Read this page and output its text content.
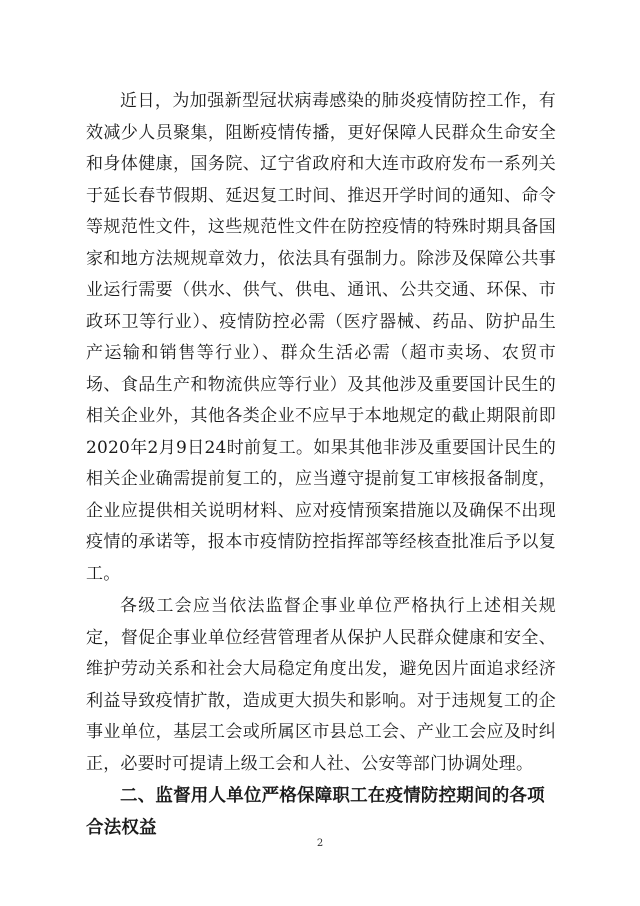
近日，为加强新型冠状病毒感染的肺炎疫情防控工作，有效减少人员聚集，阻断疫情传播，更好保障人民群众生命安全和身体健康，国务院、辽宁省政府和大连市政府发布一系列关于延长春节假期、延迟复工时间、推迟开学时间的通知、命令等规范性文件，这些规范性文件在防控疫情的特殊时期具备国家和地方法规规章效力，依法具有强制力。除涉及保障公共事业运行需要（供水、供气、供电、通讯、公共交通、环保、市政环卫等行业）、疫情防控必需（医疗器械、药品、防护品生产运输和销售等行业）、群众生活必需（超市卖场、农贸市场、食品生产和物流供应等行业）及其他涉及重要国计民生的相关企业外，其他各类企业不应早于本地规定的截止期限前即2020年2月9日24时前复工。如果其他非涉及重要国计民生的相关企业确需提前复工的，应当遵守提前复工审核报备制度，企业应提供相关说明材料、应对疫情预案措施以及确保不出现疫情的承诺等，报本市疫情防控指挥部等经核查批准后予以复工。

各级工会应当依法监督企事业单位严格执行上述相关规定，督促企事业单位经营管理者从保护人民群众健康和安全、维护劳动关系和社会大局稳定角度出发，避免因片面追求经济利益导致疫情扩散，造成更大损失和影响。对于违规复工的企事业单位，基层工会或所属区市县总工会、产业工会应及时纠正，必要时可提请上级工会和人社、公安等部门协调处理。

二、监督用人单位严格保障职工在疫情防控期间的各项合法权益

2
